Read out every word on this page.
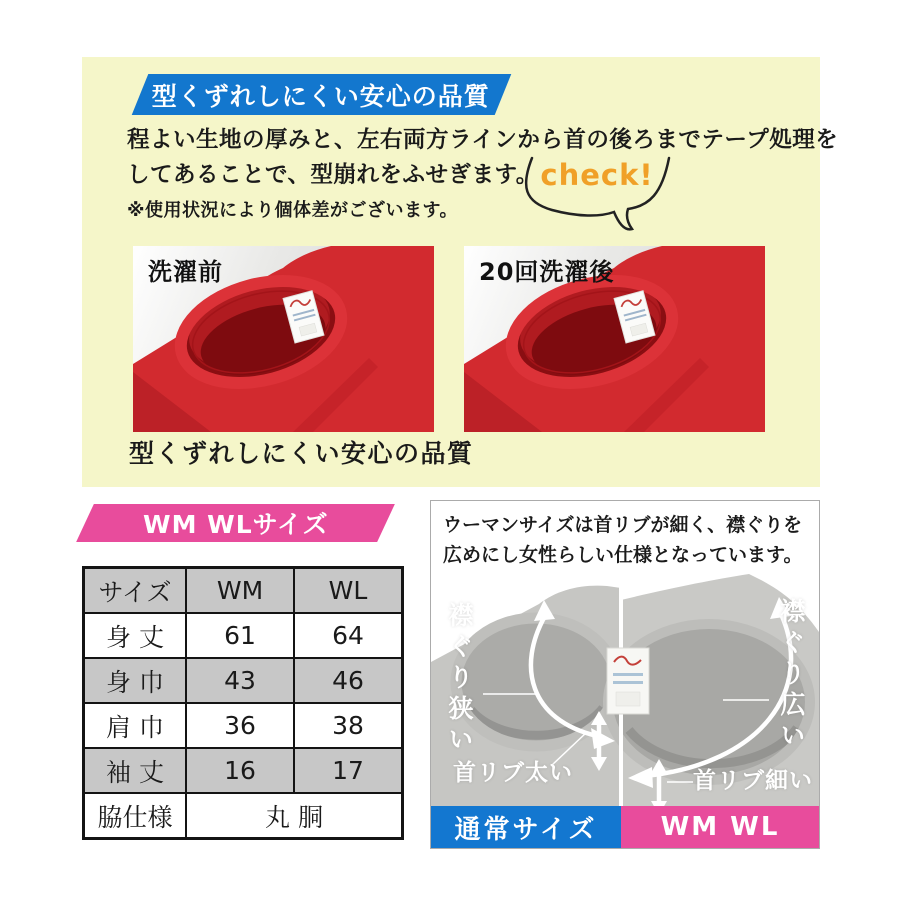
型くずれしにくい安心の品質
程よい生地の厚みと、左右両方ラインから首の後ろまでテープ処理を
してあることで、型崩れをふせぎます。
※使用状況により個体差がございます。
check!
洗濯前	20回洗濯後
型くずれしにくい安心の品質
WM WLサイズ
サイズ	WM	WL
身 丈	61	64
身 巾	43	46
肩 巾	36	38
袖 丈	16	17
脇仕様	丸 胴	
ウーマンサイズは首リブが細く、襟ぐりを
広めにし女性らしい仕様となっています。
襟ぐり狭い	襟ぐり広い
首リブ太い	首リブ細い
通常サイズ WM WL
